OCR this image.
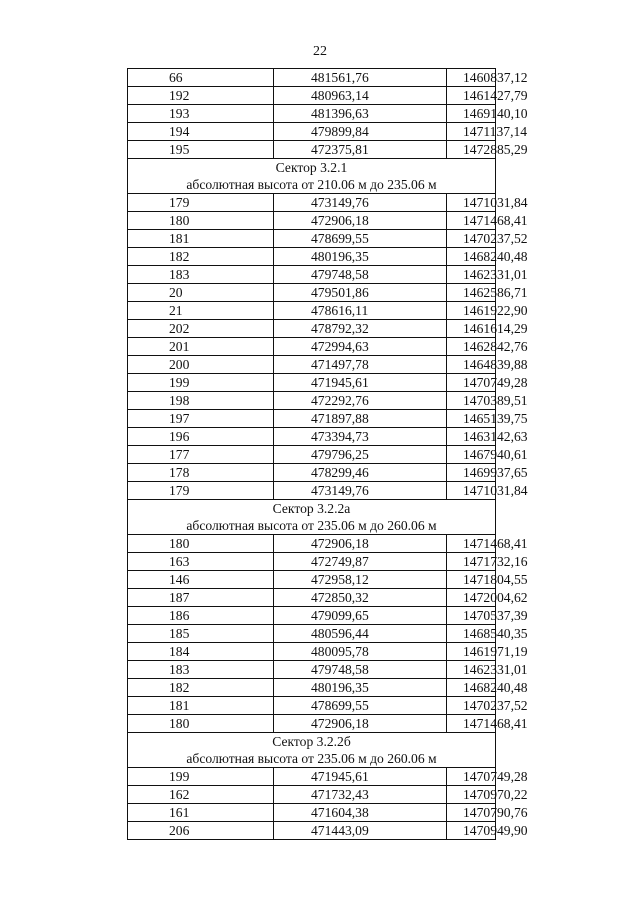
22
66	481561,76	1460837,12
192	480963,14	1461427,79
193	481396,63	1469140,10
194	479899,84	1471137,14
195	472375,81	1472885,29
Сектор 3.2.1		
абсолютная высота от 210.06 м до 235.06 м		
179	473149,76	1471031,84
180	472906,18	1471468,41
181	478699,55	1470237,52
182	480196,35	1468240,48
183	479748,58	1462331,01
20	479501,86	1462586,71
21	478616,11	1461922,90
202	478792,32	1461614,29
201	472994,63	1462842,76
200	471497,78	1464839,88
199	471945,61	1470749,28
198	472292,76	1470389,51
197	471897,88	1465139,75
196	473394,73	1463142,63
177	479796,25	1467940,61
178	478299,46	1469937,65
179	473149,76	1471031,84
Сектор 3.2.2а		
абсолютная высота от 235.06 м до 260.06 м		
180	472906,18	1471468,41
163	472749,87	1471732,16
146	472958,12	1471804,55
187	472850,32	1472004,62
186	479099,65	1470537,39
185	480596,44	1468540,35
184	480095,78	1461971,19
183	479748,58	1462331,01
182	480196,35	1468240,48
181	478699,55	1470237,52
180	472906,18	1471468,41
Сектор 3.2.2б		
абсолютная высота от 235.06 м до 260.06 м		
199	471945,61	1470749,28
162	471732,43	1470970,22
161	471604,38	1470790,76
206	471443,09	1470949,90
